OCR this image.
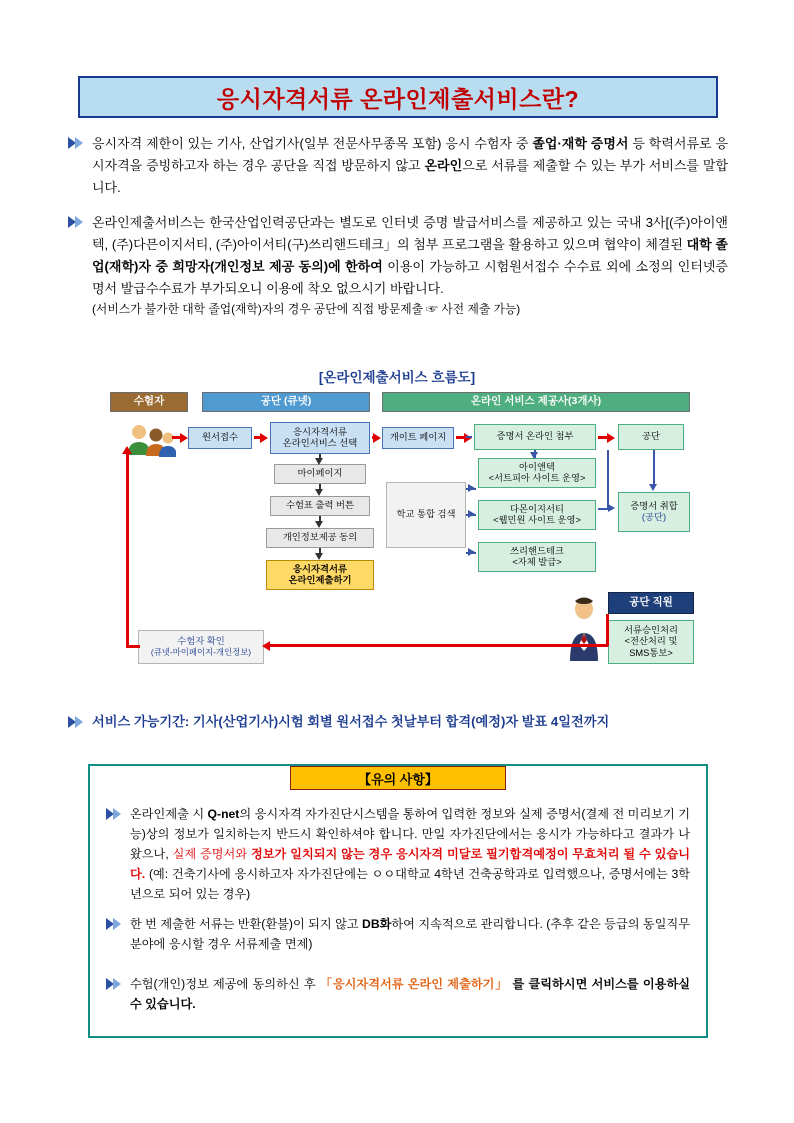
응시자격서류 온라인제출서비스란?
응시자격 제한이 있는 기사, 산업기사(일부 전문사무종목 포함) 응시 수험자 중 졸업·재학 증명서 등 학력서류로 응시자격을 증빙하고자 하는 경우 공단을 직접 방문하지 않고 온라인으로 서류를 제출할 수 있는 부가 서비스를 말합니다.
온라인제출서비스는 한국산업인력공단과는 별도로 인터넷 증명 발급서비스를 제공하고 있는 국내 3사[(주)아이앤텍, (주)다믄이지서티, (주)아이서티(구)쓰리핸드테크」의 첨부 프로그램을 활용하고 있으며 협약이 체결된 대학 졸업(재학)자 중 희망자(개인정보 제공 동의)에 한하여 이용이 가능하고 시험원서접수 수수료 외에 소정의 인터넷증명서 발급수수료가 부가되오니 이용에 착오 없으시기 바랍니다.
(서비스가 불가한 대학 졸업(재학)자의 경우 공단에 직접 방문제출 ☞ 사전 제출 가능)
[온라인제출서비스 흐름도]
수험자	공단 (큐넷)	온라인 서비스 제공사(3개사)
원서접수
응시자격서류
온라인서비스 선택
개이트 페이지	증명서 온라인 첨부	공단
마이페이지
수험표 출력 버튼
개인정보제공 동의
응시자격서류
온라인제출하기
학교 통합 검색
아이앤텍
<서트피아 사이트 운영>
다몬이지서티
<웹민원 사이트 운영>
쓰리핸드테크
<자체 발급>
증명서 취합
(공단)
공단 직원
서류승인처리
<전산처리 및
SMS통보>
수험자 확인
(큐넷-마이페이지-개인정보)
서비스 가능기간: 기사(산업기사)시험 회별 원서접수 첫날부터 합격(예정)자 발표 4일전까지
【유의 사항】
온라인제출 시 Q-net의 응시자격 자가진단시스템을 통하여 입력한 정보와 실제 증명서(결제 전 미리보기 기능)상의 정보가 일치하는지 반드시 확인하셔야 합니다. 만일 자가진단에서는 응시가 가능하다고 결과가 나왔으나, 실제 증명서와 정보가 일치되지 않는 경우 응시자격 미달로 필기합격예정이 무효처리 될 수 있습니다. (예: 건축기사에 응시하고자 자가진단에는 ㅇㅇ대학교 4학년 건축공학과로 입력했으나, 증명서에는 3학년으로 되어 있는 경우)
한 번 제출한 서류는 반환(환불)이 되지 않고 DB화하여 지속적으로 관리합니다. (추후 같은 등급의 동일직무분야에 응시할 경우 서류제출 면제)
수험(개인)정보 제공에 동의하신 후 「응시자격서류 온라인 제출하기」 를 클릭하시면 서비스를 이용하실 수 있습니다.
